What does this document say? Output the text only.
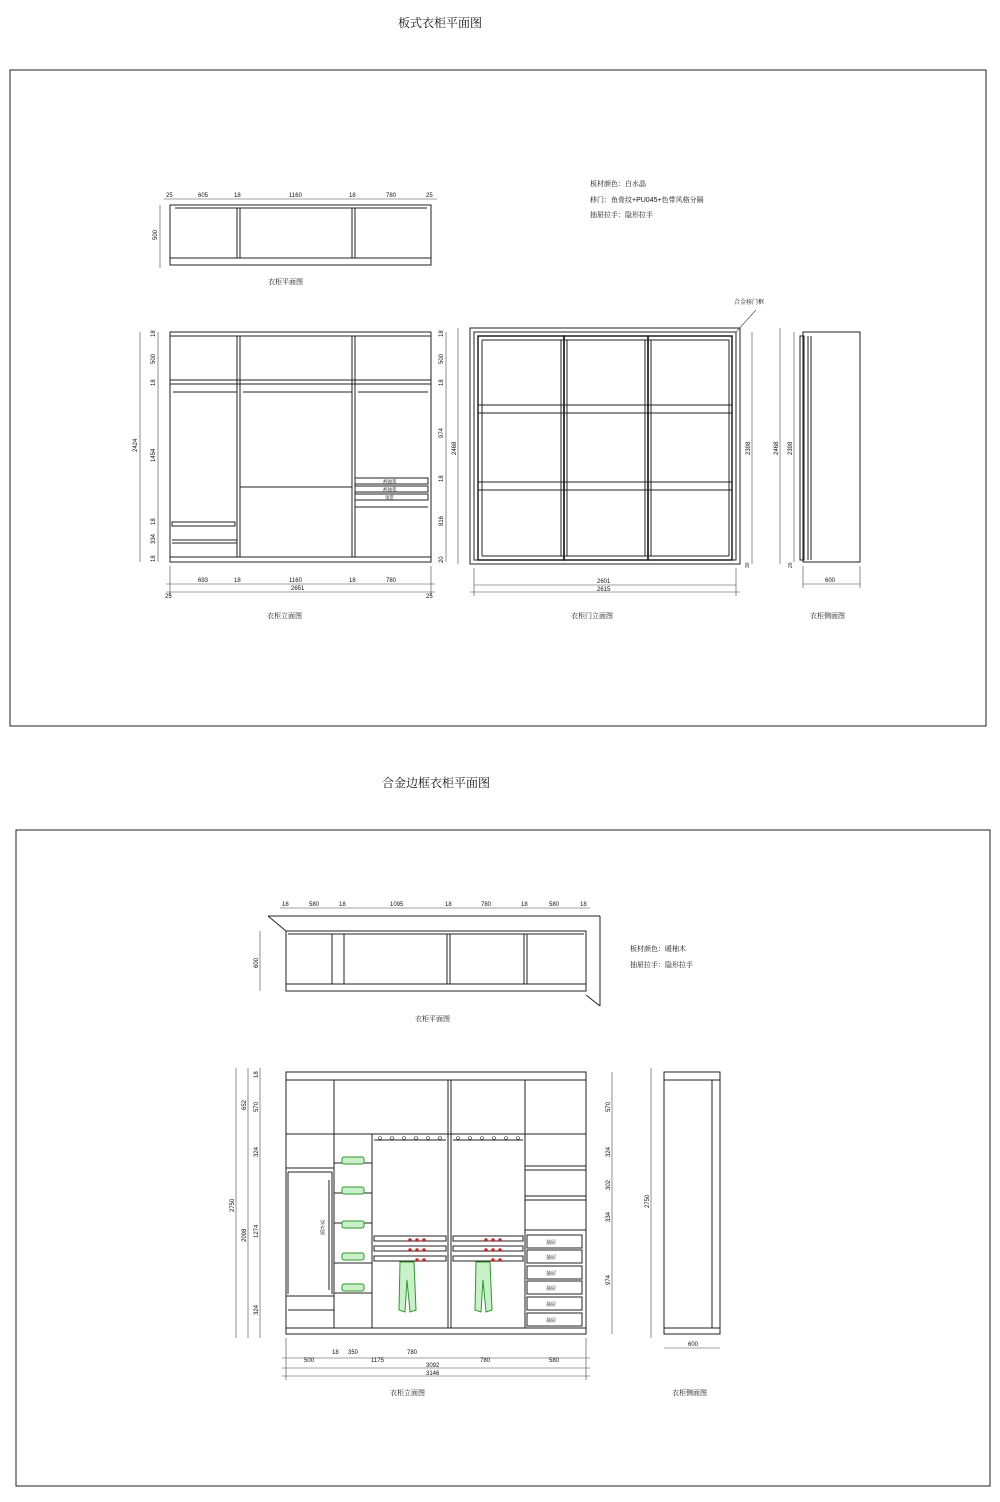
板式衣柜平面图
合金边框衣柜平面图
板材颜色：白水晶
移门：鱼骨纹+PU045+色带风格分隔
抽屉拉手：隐形拉手
25	605	18	1160	18	780	25
500
衣柜平面图
裤抽架
裤抽架
领带
18
500
18
1454
18
334
18
2424
18
500
18
974
18
816
20
693	18	1160	18	780
2651
25	25
衣柜立面图
合金移门框
2468	2398
30
2601
2615
衣柜门立面图
2468 2398
20
600
衣柜侧面图
板材颜色：暖柚木
抽屉拉手：隐形拉手
18	580	18	1095	18	780	18	580	18
600
衣柜平面图
穿衣镜
抽屉
抽屉
抽屉
抽屉
抽屉
抽屉
18
652
2750
2098
570
324
1274
324
570
324
302
334
974
500
18 350
1175
780
780	580
3092
3146
衣柜立面图
2750
600
衣柜侧面图
